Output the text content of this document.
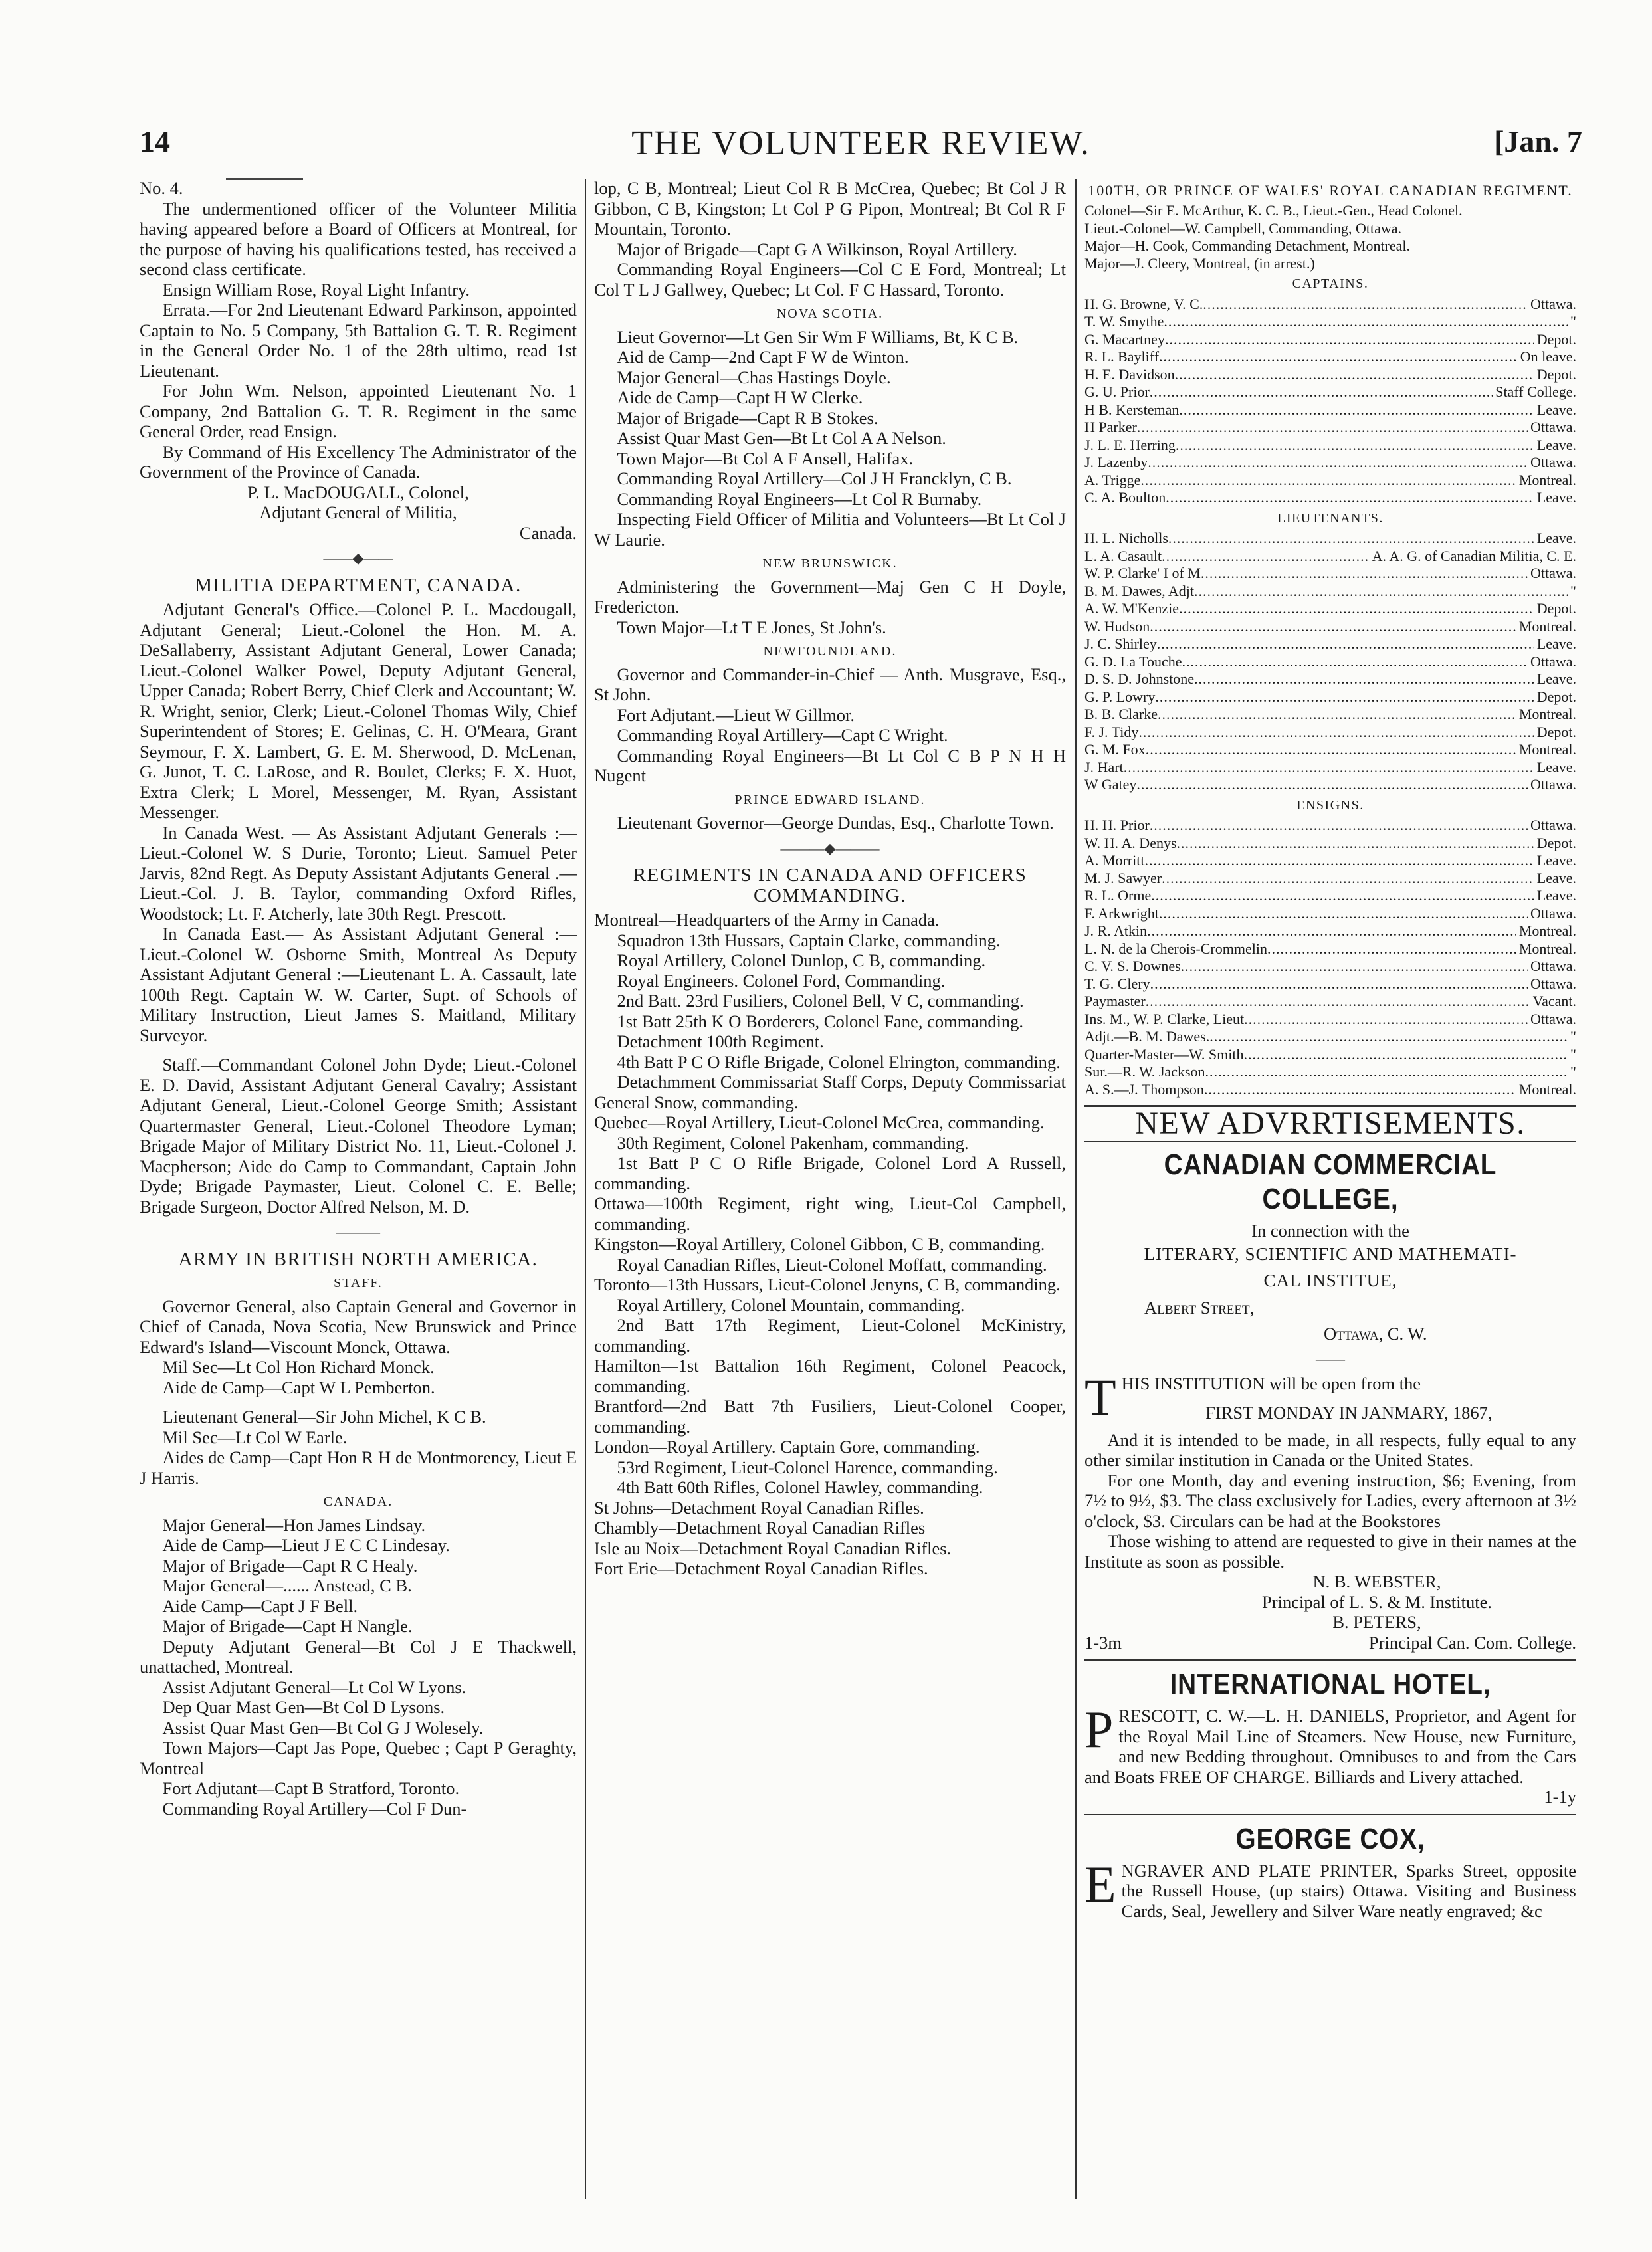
14	THE VOLUNTEER REVIEW.	[Jan. 7

No. 4.

The undermentioned officer of the Volunteer Militia having appeared before a Board of Officers at Montreal, for the purpose of having his qualifications tested, has received a second class certificate.

Ensign William Rose, Royal Light Infantry.

Errata.—For 2nd Lieutenant Edward Parkinson, appointed Captain to No. 5 Company, 5th Battalion G. T. R. Regiment in the General Order No. 1 of the 28th ultimo, read 1st Lieutenant.

For John Wm. Nelson, appointed Lieutenant No. 1 Company, 2nd Battalion G. T. R. Regiment in the same General Order, read Ensign.

By Command of His Excellency The Administrator of the Government of the Province of Canada.

P. L. MacDOUGALL, Colonel,

Adjutant General of Militia,

Canada.

——◆——
MILITIA DEPARTMENT, CANADA.

Adjutant General's Office.—Colonel P. L. Macdougall, Adjutant General; Lieut.-Colonel the Hon. M. A. DeSallaberry, Assistant Adjutant General, Lower Canada; Lieut.-Colonel Walker Powel, Deputy Adjutant General, Upper Canada; Robert Berry, Chief Clerk and Accountant; W. R. Wright, senior, Clerk; Lieut.-Colonel Thomas Wily, Chief Superintendent of Stores; E. Gelinas, C. H. O'Meara, Grant Seymour, F. X. Lambert, G. E. M. Sherwood, D. McLenan, G. Junot, T. C. LaRose, and R. Boulet, Clerks; F. X. Huot, Extra Clerk; L Morel, Messenger, M. Ryan, Assistant Messenger.

In Canada West. — As Assistant Adjutant Generals :—Lieut.-Colonel W. S Durie, Toronto; Lieut. Samuel Peter Jarvis, 82nd Regt. As Deputy Assistant Adjutants General .—Lieut.-Col. J. B. Taylor, commanding Oxford Rifles, Woodstock; Lt. F. Atcherly, late 30th Regt. Prescott.

In Canada East.— As Assistant Adjutant General :—Lieut.-Colonel W. Osborne Smith, Montreal As Deputy Assistant Adjutant General :—Lieutenant L. A. Cassault, late 100th Regt. Captain W. W. Carter, Supt. of Schools of Military Instruction, Lieut James S. Maitland, Military Surveyor.

Staff.—Commandant Colonel John Dyde; Lieut.-Colonel E. D. David, Assistant Adjutant General Cavalry; Assistant Adjutant General, Lieut.-Colonel George Smith; Assistant Quartermaster General, Lieut.-Colonel Theodore Lyman; Brigade Major of Military District No. 11, Lieut.-Colonel J. Macpherson; Aide do Camp to Commandant, Captain John Dyde; Brigade Paymaster, Lieut. Colonel C. E. Belle; Brigade Surgeon, Doctor Alfred Nelson, M. D.

———
ARMY IN BRITISH NORTH AMERICA.
STAFF.

Governor General, also Captain General and Governor in Chief of Canada, Nova Scotia, New Brunswick and Prince Edward's Island—Viscount Monck, Ottawa.

Mil Sec—Lt Col Hon Richard Monck.

Aide de Camp—Capt W L Pemberton.

Lieutenant General—Sir John Michel, K C B.

Mil Sec—Lt Col W Earle.

Aides de Camp—Capt Hon R H de Montmorency, Lieut E J Harris.

CANADA.

Major General—Hon James Lindsay.

Aide de Camp—Lieut J E C C Lindesay.

Major of Brigade—Capt R C Healy.

Major General—...... Anstead, C B.

Aide Camp—Capt J F Bell.

Major of Brigade—Capt H Nangle.

Deputy Adjutant General—Bt Col J E Thackwell, unattached, Montreal.

Assist Adjutant General—Lt Col W Lyons.

Dep Quar Mast Gen—Bt Col D Lysons.

Assist Quar Mast Gen—Bt Col G J Wolesely.

Town Majors—Capt Jas Pope, Quebec ; Capt P Geraghty, Montreal

Fort Adjutant—Capt B Stratford, Toronto.

Commanding Royal Artillery—Col F Dun-

lop, C B, Montreal; Lieut Col R B McCrea, Quebec; Bt Col J R Gibbon, C B, Kingston; Lt Col P G Pipon, Montreal; Bt Col R F Mountain, Toronto.

Major of Brigade—Capt G A Wilkinson, Royal Artillery.

Commanding Royal Engineers—Col C E Ford, Montreal; Lt Col T L J Gallwey, Quebec; Lt Col. F C Hassard, Toronto.

NOVA SCOTIA.

Lieut Governor—Lt Gen Sir Wm F Williams, Bt, K C B.

Aid de Camp—2nd Capt F W de Winton.

Major General—Chas Hastings Doyle.

Aide de Camp—Capt H W Clerke.

Major of Brigade—Capt R B Stokes.

Assist Quar Mast Gen—Bt Lt Col A A Nelson.

Town Major—Bt Col A F Ansell, Halifax.

Commanding Royal Artillery—Col J H Francklyn, C B.

Commanding Royal Engineers—Lt Col R Burnaby.

Inspecting Field Officer of Militia and Volunteers—Bt Lt Col J W Laurie.

NEW BRUNSWICK.

Administering the Government—Maj Gen C H Doyle, Fredericton.

Town Major—Lt T E Jones, St John's.

NEWFOUNDLAND.

Governor and Commander-in-Chief — Anth. Musgrave, Esq., St John.

Fort Adjutant.—Lieut W Gillmor.

Commanding Royal Artillery—Capt C Wright.

Commanding Royal Engineers—Bt Lt Col C B P N H H Nugent

PRINCE EDWARD ISLAND.

Lieutenant Governor—George Dundas, Esq., Charlotte Town.

———◆———
REGIMENTS IN CANADA AND OFFICERS COMMANDING.

Montreal—Headquarters of the Army in Canada.

Squadron 13th Hussars, Captain Clarke, commanding.

Royal Artillery, Colonel Dunlop, C B, commanding.

Royal Engineers. Colonel Ford, Commanding.

2nd Batt. 23rd Fusiliers, Colonel Bell, V C, commanding.

1st Batt 25th K O Borderers, Colonel Fane, commanding.

Detachment 100th Regiment.

4th Batt P C O Rifle Brigade, Colonel Elrington, commanding.

Detachmment Commissariat Staff Corps, Deputy Commissariat General Snow, commanding.

Quebec—Royal Artillery, Lieut-Colonel McCrea, commanding.

30th Regiment, Colonel Pakenham, commanding.

1st Batt P C O Rifle Brigade, Colonel Lord A Russell, commanding.

Ottawa—100th Regiment, right wing, Lieut-Col Campbell, commanding.

Kingston—Royal Artillery, Colonel Gibbon, C B, commanding.

Royal Canadian Rifles, Lieut-Colonel Moffatt, commanding.

Toronto—13th Hussars, Lieut-Colonel Jenyns, C B, commanding.

Royal Artillery, Colonel Mountain, commanding.

2nd Batt 17th Regiment, Lieut-Colonel McKinistry, commanding.

Hamilton—1st Battalion 16th Regiment, Colonel Peacock, commanding.

Brantford—2nd Batt 7th Fusiliers, Lieut-Colonel Cooper, commanding.

London—Royal Artillery. Captain Gore, commanding.

53rd Regiment, Lieut-Colonel Harence, commanding.

4th Batt 60th Rifles, Colonel Hawley, commanding.

St Johns—Detachment Royal Canadian Rifles.

Chambly—Detachment Royal Canadian Rifles

Isle au Noix—Detachment Royal Canadian Rifles.

Fort Erie—Detachment Royal Canadian Rifles.

100TH, OR PRINCE OF WALES' ROYAL CANADIAN REGIMENT.

Colonel—Sir E. McArthur, K. C. B., Lieut.-Gen., Head Colonel.

Lieut.-Colonel—W. Campbell, Commanding, Ottawa.

Major—H. Cook, Commanding Detachment, Montreal.

Major—J. Cleery, Montreal, (in arrest.)

CAPTAINS.
H. G. Browne, V. C. .....	Ottawa.
T. W. Smythe .....	"
G. Macartney .....	Depot.
R. L. Bayliff .....	On leave.
H. E. Davidson .....	Depot.
G. U. Prior .....	Staff College.
H B. Kersteman .....	Leave.
H Parker .....	Ottawa.
J. L. E. Herring .....	Leave.
J. Lazenby .....	Ottawa.
A. Trigge .....	Montreal.
C. A. Boulton .....	Leave.
LIEUTENANTS.
H. L. Nicholls .....	Leave.
L. A. Casault .....	A. A. G. of Canadian Militia, C. E.
W. P. Clarke' I of M .....	Ottawa.
B. M. Dawes, Adjt .....	"
A. W. M'Kenzie .....	Depot.
W. Hudson .....	Montreal.
J. C. Shirley .....	Leave.
G. D. La Touche .....	Ottawa.
D. S. D. Johnstone .....	Leave.
G. P. Lowry .....	Depot.
B. B. Clarke .....	Montreal.
F. J. Tidy .....	Depot.
G. M. Fox .....	Montreal.
J. Hart .....	Leave.
W Gatey .....	Ottawa.
ENSIGNS.
H. H. Prior .....	Ottawa.
W. H. A. Denys .....	Depot.
A. Morritt .....	Leave.
M. J. Sawyer .....	Leave.
R. L. Orme .....	Leave.
F. Arkwright .....	Ottawa.
J. R. Atkin .....	Montreal.
L. N. de la Cherois-Crommelin .....	Montreal.
C. V. S. Downes .....	Ottawa.
T. G. Clery .....	Ottawa.
Paymaster .....	Vacant.
Ins. M., W. P. Clarke, Lieut .....	Ottawa.
Adjt.—B. M. Dawes. .....	"
Quarter-Master—W. Smith .....	"
Sur.—R. W. Jackson .....	"
A. S.—J. Thompson .....	Montreal.
NEW ADVRRTISEMENTS.
CANADIAN COMMERCIAL COLLEGE,

In connection with the

LITERARY, SCIENTIFIC AND MATHEMATI-
CAL INSTITUE,

Albert Street,

Ottawa, C. W.

——

THIS INSTITUTION will be open from the

FIRST MONDAY IN JANMARY, 1867,

And it is intended to be made, in all respects, fully equal to any other similar institution in Canada or the United States.

For one Month, day and evening instruction, $6; Evening, from 7½ to 9½, $3. The class exclusively for Ladies, every afternoon at 3½ o'clock, $3. Circulars can be had at the Bookstores

Those wishing to attend are requested to give in their names at the Institute as soon as possible.

N. B. WEBSTER,

Principal of L. S. & M. Institute.

B. PETERS,

1-3m	Principal Can. Com. College.

INTERNATIONAL HOTEL,

PRESCOTT, C. W.—L. H. DANIELS, Proprietor, and Agent for the Royal Mail Line of Steamers. New House, new Furniture, and new Bedding throughout. Omnibuses to and from the Cars and Boats FREE OF CHARGE. Billiards and Livery attached.

1-1y

GEORGE COX,

ENGRAVER AND PLATE PRINTER, Sparks Street, opposite the Russell House, (up stairs) Ottawa. Visiting and Business Cards, Seal, Jewellery and Silver Ware neatly engraved; &c
